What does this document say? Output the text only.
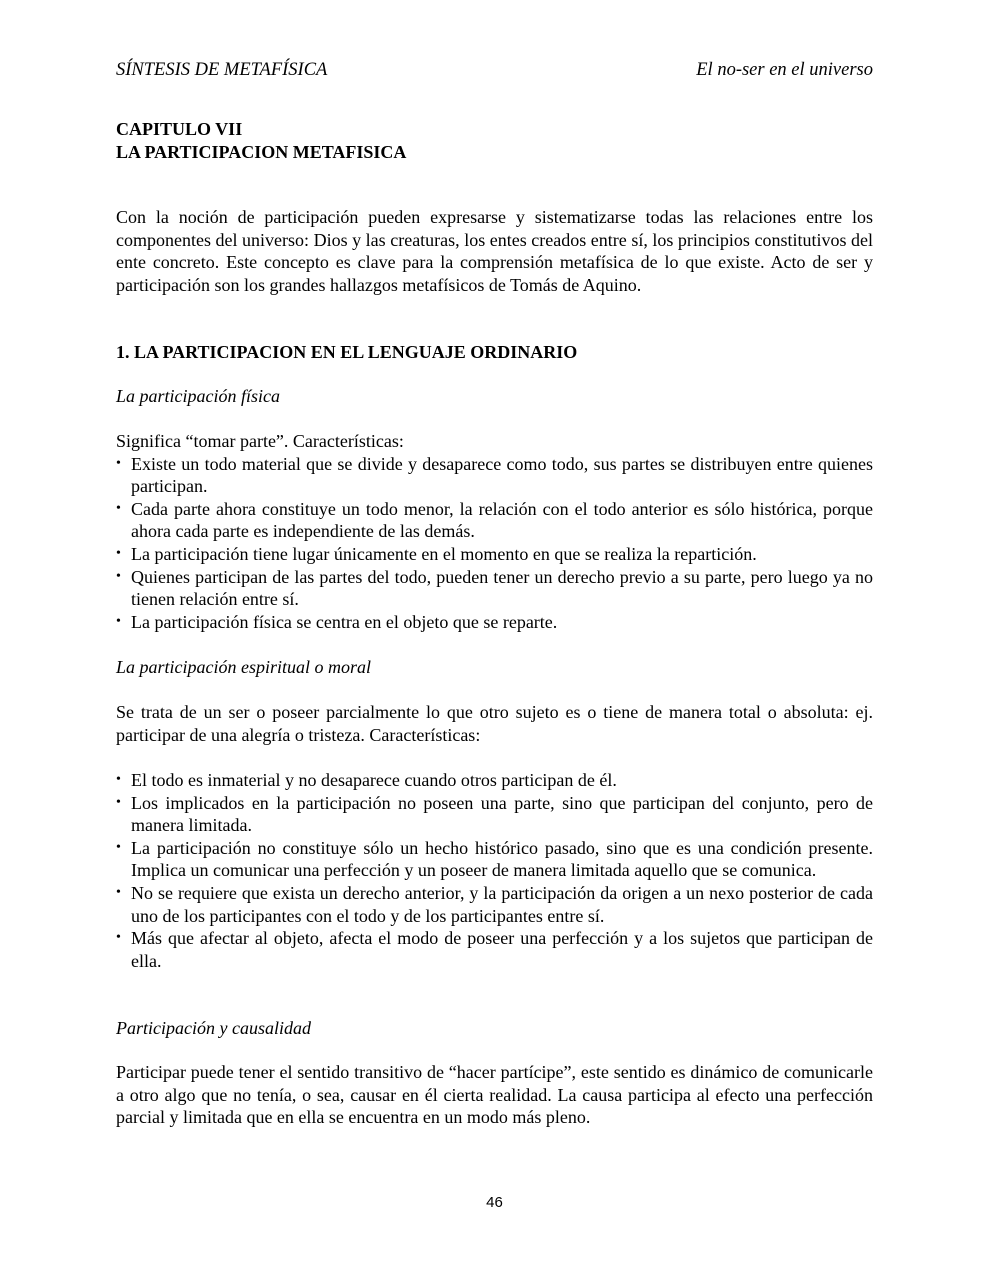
SÍNTESIS DE METAFÍSICA	El no-ser en el universo
CAPITULO VII
LA PARTICIPACION METAFISICA

Con la noción de participación pueden expresarse y sistematizarse todas las relaciones entre los componentes del universo: Dios y las creaturas, los entes creados entre sí, los principios constitutivos del ente concreto. Este concepto es clave para la comprensión metafísica de lo que existe. Acto de ser y participación son los grandes hallazgos metafísicos de Tomás de Aquino.

1. LA PARTICIPACION EN EL LENGUAJE ORDINARIO
La participación física

Significa “tomar parte”. Características:

• Existe un todo material que se divide y desaparece como todo, sus partes se distribuyen entre quienes participan.
• Cada parte ahora constituye un todo menor, la relación con el todo anterior es sólo histórica, porque ahora cada parte es independiente de las demás.
• La participación tiene lugar únicamente en el momento en que se realiza la repartición.
• Quienes participan de las partes del todo, pueden tener un derecho previo a su parte, pero luego ya no tienen relación entre sí.
• La participación física se centra en el objeto que se reparte.
La participación espiritual o moral

Se trata de un ser o poseer parcialmente lo que otro sujeto es o tiene de manera total o absoluta: ej. participar de una alegría o tristeza. Características:

• El todo es inmaterial y no desaparece cuando otros participan de él.
• Los implicados en la participación no poseen una parte, sino que participan del conjunto, pero de manera limitada.
• La participación no constituye sólo un hecho histórico pasado, sino que es una condición presente. Implica un comunicar una perfección y un poseer de manera limitada aquello que se comunica.
• No se requiere que exista un derecho anterior, y la participación da origen a un nexo posterior de cada uno de los participantes con el todo y de los participantes entre sí.
• Más que afectar al objeto, afecta el modo de poseer una perfección y a los sujetos que participan de ella.
Participación y causalidad

Participar puede tener el sentido transitivo de “hacer partícipe”, este sentido es dinámico de comunicarle a otro algo que no tenía, o sea, causar en él cierta realidad. La causa participa al efecto una perfección parcial y limitada que en ella se encuentra en un modo más pleno.

46
